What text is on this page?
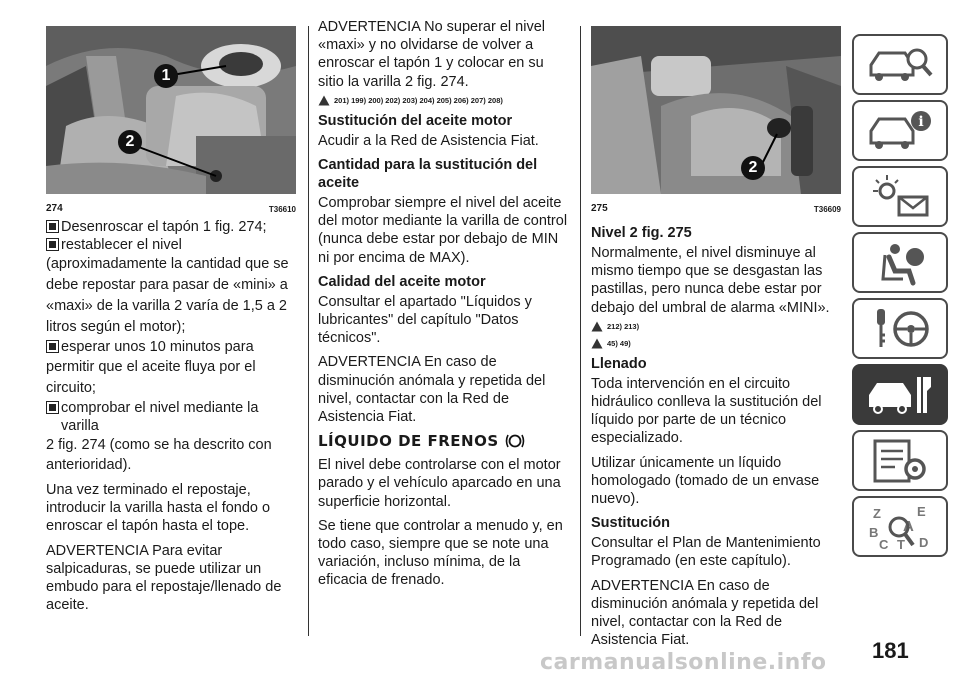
1
2
274	T36610

Desenroscar el tapón 1 fig. 274;

restablecer el nivel

(aproximadamente la cantidad que se debe repostar para pasar de «mini» a «maxi» de la varilla 2 varía de 1,5 a 2 litros según el motor);

esperar unos 10 minutos para

permitir que el aceite fluya por el circuito;

comprobar el nivel mediante la varilla

2 fig. 274 (como se ha descrito con anterioridad).

Una vez terminado el repostaje, introducir la varilla hasta el fondo o enroscar el tapón hasta el tope.

ADVERTENCIA Para evitar salpicaduras, se puede utilizar un embudo para el repostaje/llenado de aceite.

ADVERTENCIA No superar el nivel «maxi» y no olvidarse de volver a enroscar el tapón 1 y colocar en su sitio la varilla 2 fig. 274.

201) 199) 200) 202) 203) 204) 205) 206) 207) 208)
Sustitución del aceite motor

Acudir a la Red de Asistencia Fiat.

Cantidad para la sustitución del aceite

Comprobar siempre el nivel del aceite del motor mediante la varilla de control (nunca debe estar por debajo de MIN ni por encima de MAX).

Calidad del aceite motor

Consultar el apartado "Líquidos y lubricantes" del capítulo "Datos técnicos".

ADVERTENCIA En caso de disminución anómala y repetida del nivel, contactar con la Red de Asistencia Fiat.

LÍQUIDO DE FRENOS

El nivel debe controlarse con el motor parado y el vehículo aparcado en una superficie horizontal.

Se tiene que controlar a menudo y, en todo caso, siempre que se note una variación, incluso mínima, de la eficacia de frenado.

2
275	T36609
Nivel 2 fig. 275

Normalmente, el nivel disminuye al mismo tiempo que se desgastan las pastillas, pero nunca debe estar por debajo del umbral de alarma «MINI».

212) 213)
45) 49)
Llenado

Toda intervención en el circuito hidráulico conlleva la sustitución del líquido por parte de un técnico especializado.

Utilizar únicamente un líquido homologado (tomado de un envase nuevo).

Sustitución

Consultar el Plan de Mantenimiento Programado (en este capítulo).

ADVERTENCIA En caso de disminución anómala y repetida del nivel, contactar con la Red de Asistencia Fiat.

i
Z	E
A
B
C T D
carmanualsonline.info 181
